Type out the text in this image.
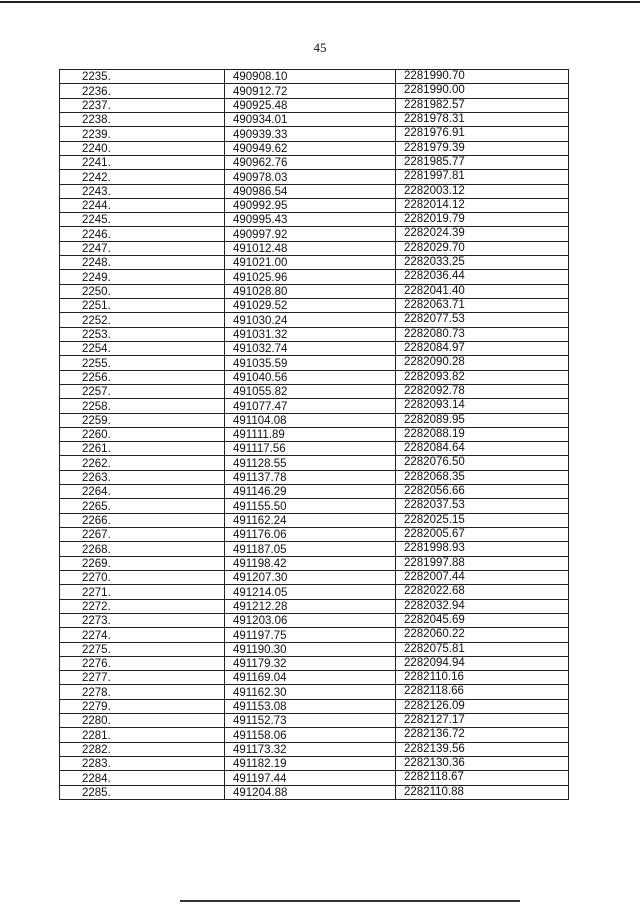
45
2235.	490908.10	2281990.70
2236.	490912.72	2281990.00
2237.	490925.48	2281982.57
2238.	490934.01	2281978.31
2239.	490939.33	2281976.91
2240.	490949.62	2281979.39
2241.	490962.76	2281985.77
2242.	490978.03	2281997.81
2243.	490986.54	2282003.12
2244.	490992.95	2282014.12
2245.	490995.43	2282019.79
2246.	490997.92	2282024.39
2247.	491012.48	2282029.70
2248.	491021.00	2282033.25
2249.	491025.96	2282036.44
2250.	491028.80	2282041.40
2251.	491029.52	2282063.71
2252.	491030.24	2282077.53
2253.	491031.32	2282080.73
2254.	491032.74	2282084.97
2255.	491035.59	2282090.28
2256.	491040.56	2282093.82
2257.	491055.82	2282092.78
2258.	491077.47	2282093.14
2259.	491104.08	2282089.95
2260.	491111.89	2282088.19
2261.	491117.56	2282084.64
2262.	491128.55	2282076.50
2263.	491137.78	2282068.35
2264.	491146.29	2282056.66
2265.	491155.50	2282037.53
2266.	491162.24	2282025.15
2267.	491176.06	2282005.67
2268.	491187.05	2281998.93
2269.	491198.42	2281997.88
2270.	491207.30	2282007.44
2271.	491214.05	2282022.68
2272.	491212.28	2282032.94
2273.	491203.06	2282045.69
2274.	491197.75	2282060.22
2275.	491190.30	2282075.81
2276.	491179.32	2282094.94
2277.	491169.04	2282110.16
2278.	491162.30	2282118.66
2279.	491153.08	2282126.09
2280.	491152.73	2282127.17
2281.	491158.06	2282136.72
2282.	491173.32	2282139.56
2283.	491182.19	2282130.36
2284.	491197.44	2282118.67
2285.	491204.88	2282110.88
